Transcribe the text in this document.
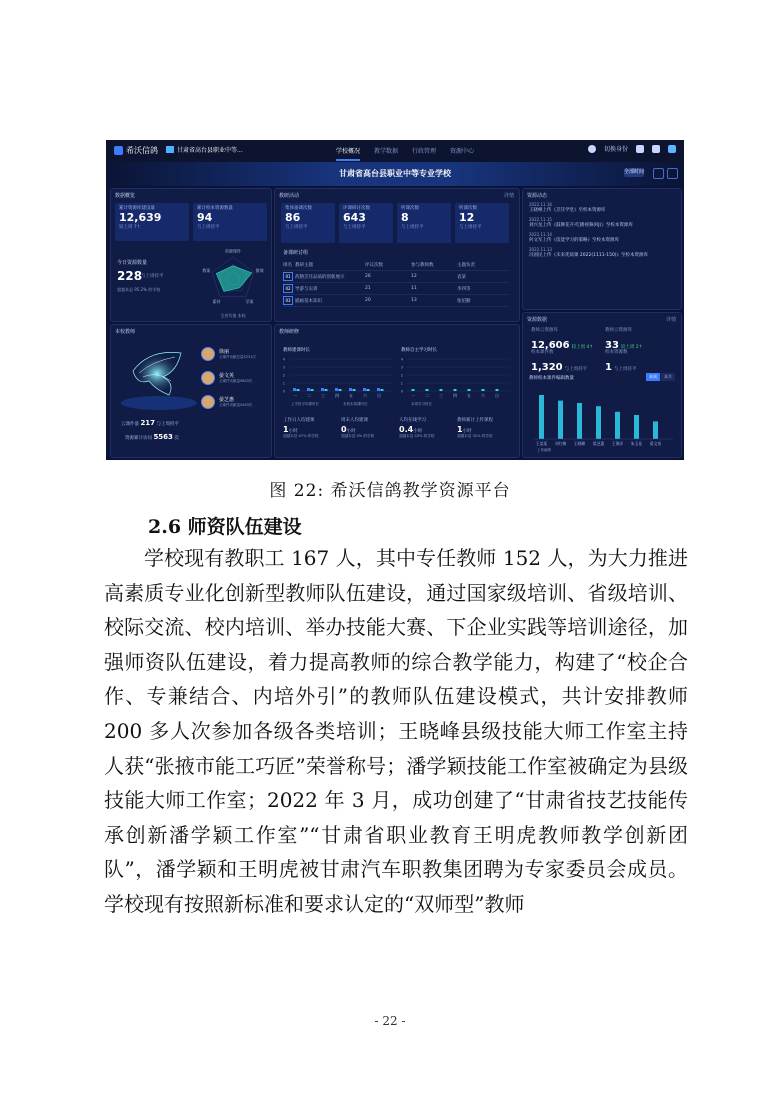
希沃信鸽	甘肃省高台县职业中等...	学校概况 教学数据 行政管理 资源中心	切换身份
甘肃省高台县职业中等专业学校	全部时间
数据概览
累计资源库建设量
12,639
较上周 7↑
累计校本资源数量
94
与上周持平
今日资源数量
228
与上周持平
超越本县 95.2% 的学校
资源课件
微课
学案
素材
教案
全省均值 本校
教研活动	详情
集体备课次数
86
与上周持平
评课研讨次数
643
与上周持平
听课次数
8
与上周持平
听课次数
12
与上周持平
备课研讨组
排名 教研主题	评议次数	参与教师数	主题负责
01 药膳烹饪品质的创新展示	26	12	袁某
02 导游与实训	21	11	李四等
03 插画基本知识	20	13	张伯勤
资源动态
2022.11.16
王晓峰上传《烹饪学堂》至校本资源库
2022.11.15
刘兴龙上传《鼓舞花开·吃播视频(RJ)》至校本资源库
2022.11.14
何文军上传《技能学习的策略》至校本资源库
2022.11.13
冯国民上传《未来优质课 2022(1111-150)》至校本资源库
本校教师
徐丽
云课件贡献总量5231次
晏文英
云课件贡献量9803次
晏芝惠
云课件贡献量5403次
云课件量 217 与上周持平
资源累计访问 5563 次
教师研修
教师建课时长	教师自主学习时长
4
3
2
1
0
一	二	三	四	五	六	日
4
3
2
1
0
一	二	三	四	五	六	日
上学校平均课时长	本校本周课时长	本周学习时长
工作日人均建课
1小时
超越本县 47% 的学校
周末人均建课
0小时
超越本县 0% 的学校
人均在线学习
0.4小时
超越本县 43% 的学校
教师累计上传课程
1小时
超越本县 32% 的学校
资源数据	详情
教师云资源库
12,606 较上周 4↑
教师云资源库
33 较上周 2↑
校本课件数
1,320 与上周持平
校本资源数
1 与上周持平
教师校本课件编辑数量	本周	本月
王某某 刘红梅 王晓峰 晏芝惠 王海洋 朱玉佳 晏文英
上传编辑
图 22: 希沃信鸽教学资源平台
2.6 师资队伍建设

学校现有教职工 167 人，其中专任教师 152 人，为大力推进高素质专业化创新型教师队伍建设，通过国家级培训、省级培训、校际交流、校内培训、举办技能大赛、下企业实践等培训途径，加强师资队伍建设，着力提高教师的综合教学能力，构建了“校企合作、专兼结合、内培外引”的教师队伍建设模式，共计安排教师 200 多人次参加各级各类培训；王晓峰县级技能大师工作室主持人获“张掖市能工巧匠”荣誉称号；潘学颖技能工作室被确定为县级技能大师工作室；2022 年 3 月，成功创建了“甘肃省技艺技能传承创新潘学颖工作室”“甘肃省职业教育王明虎教师教学创新团队”，潘学颖和王明虎被甘肃汽车职教集团聘为专家委员会成员。学校现有按照新标准和要求认定的“双师型”教师

- 22 -
